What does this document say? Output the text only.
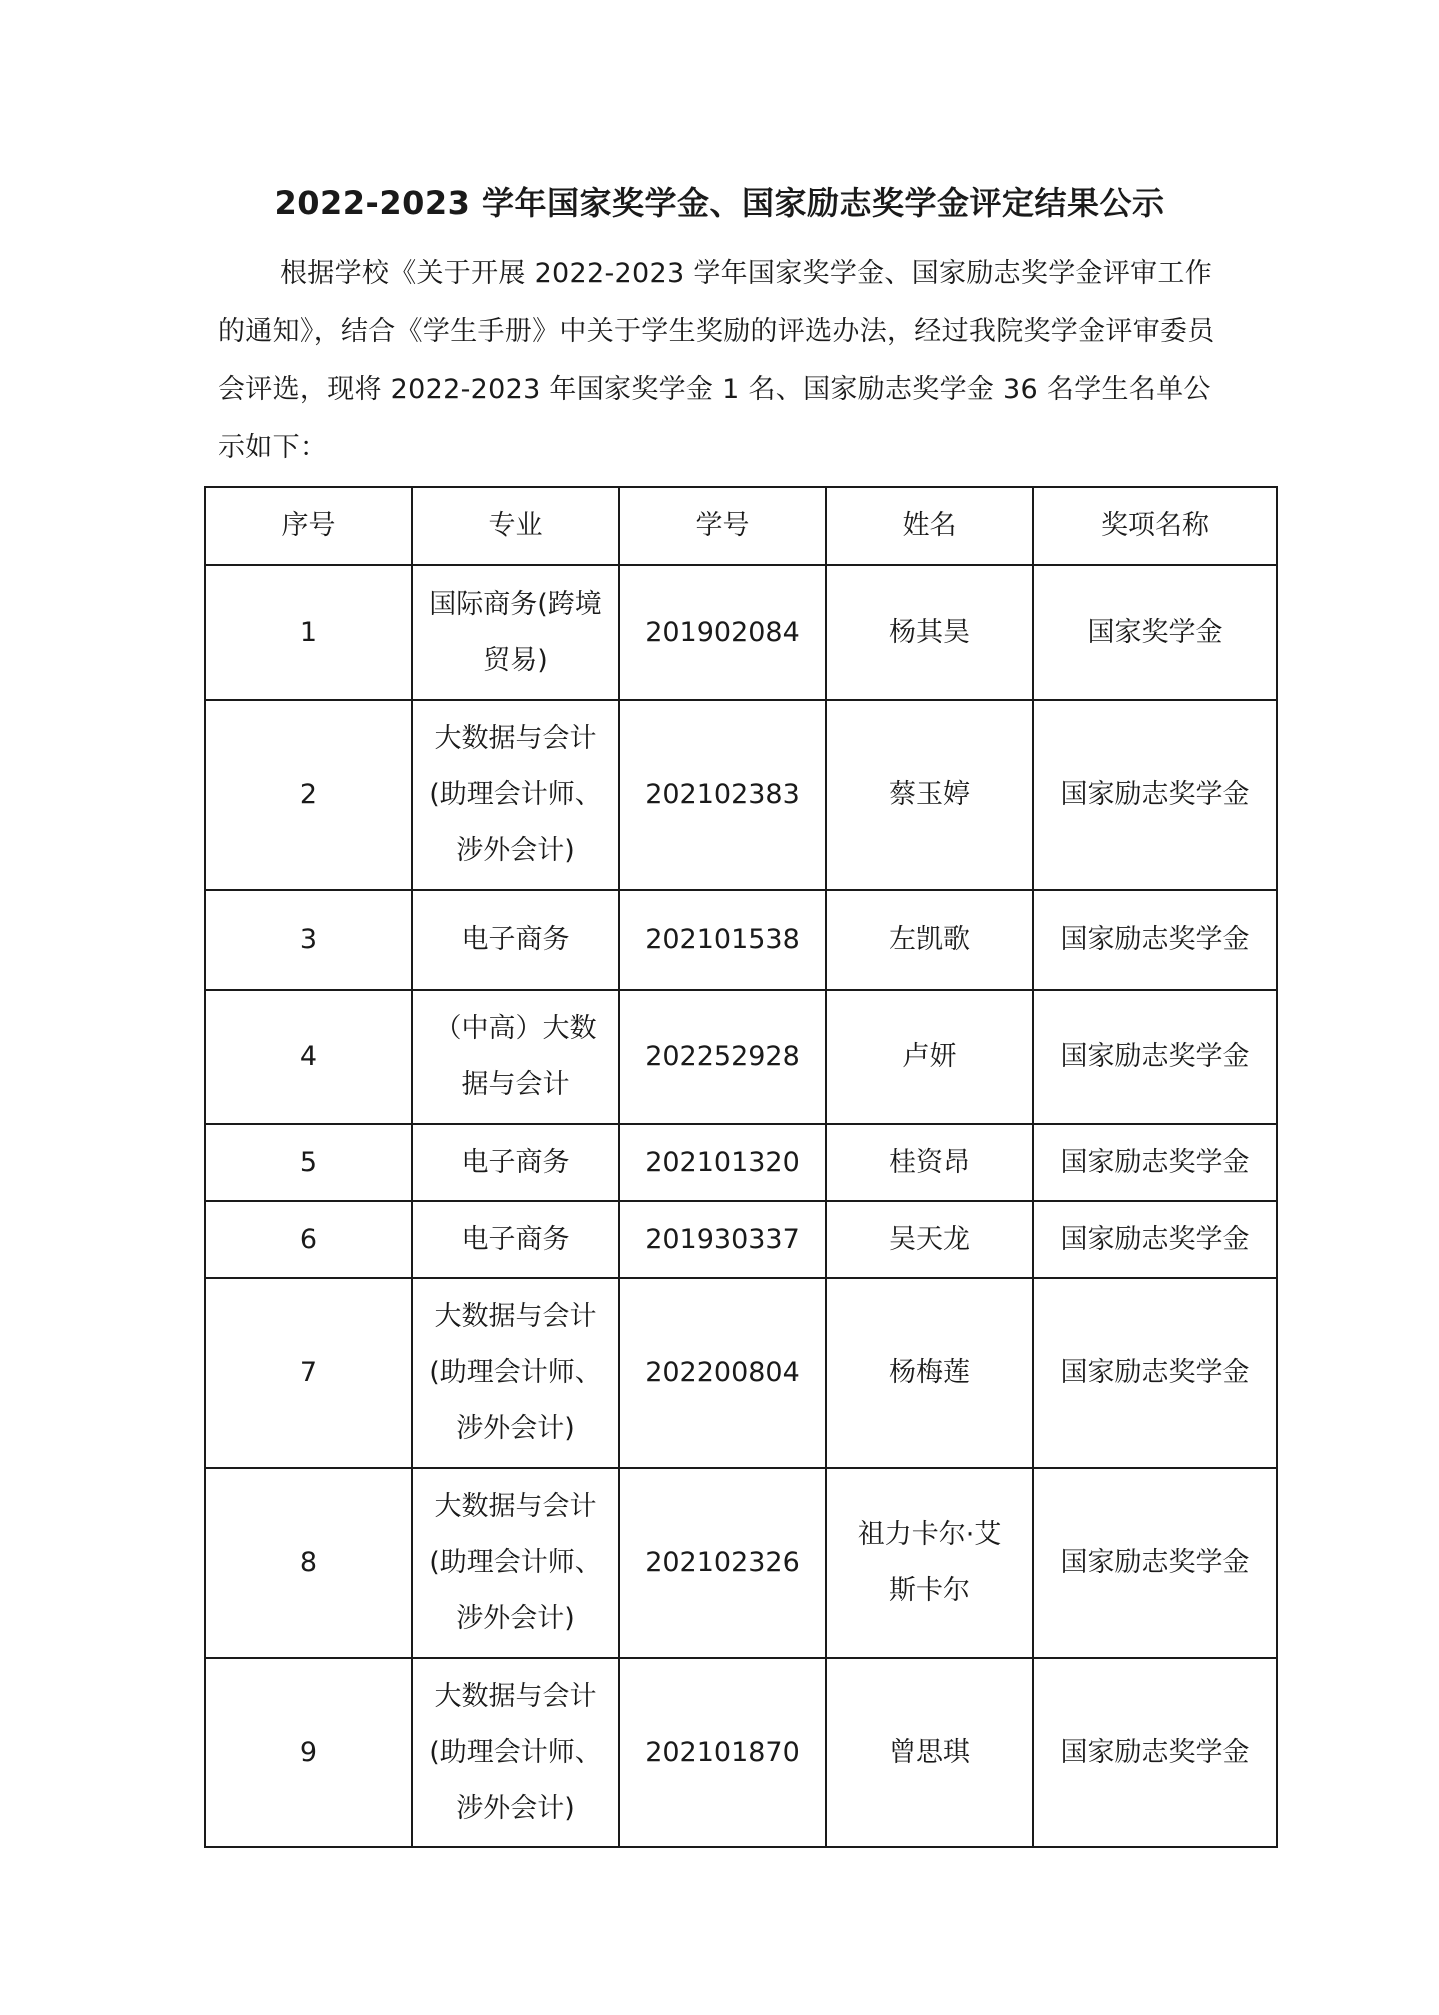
2022-2023 学年国家奖学金、国家励志奖学金评定结果公示

根据学校《关于开展 2022-2023 学年国家奖学金、国家励志奖学金评审工作的通知》，结合《学生手册》中关于学生奖励的评选办法，经过我院奖学金评审委员会评选，现将 2022-2023 年国家奖学金 1 名、国家励志奖学金 36 名学生名单公示如下：

序号	专业	学号	姓名	奖项名称
1	国际商务(跨境贸易)	201902084	杨其昊	国家奖学金
2	大数据与会计(助理会计师、涉外会计)	202102383	蔡玉婷	国家励志奖学金
3	电子商务	202101538	左凯歌	国家励志奖学金
4	（中高）大数据与会计	202252928	卢妍	国家励志奖学金
5	电子商务	202101320	桂资昂	国家励志奖学金
6	电子商务	201930337	吴天龙	国家励志奖学金
7	大数据与会计(助理会计师、涉外会计)	202200804	杨梅莲	国家励志奖学金
8	大数据与会计(助理会计师、涉外会计)	202102326	祖力卡尔·艾斯卡尔	国家励志奖学金
9	大数据与会计(助理会计师、涉外会计)	202101870	曾思琪	国家励志奖学金
